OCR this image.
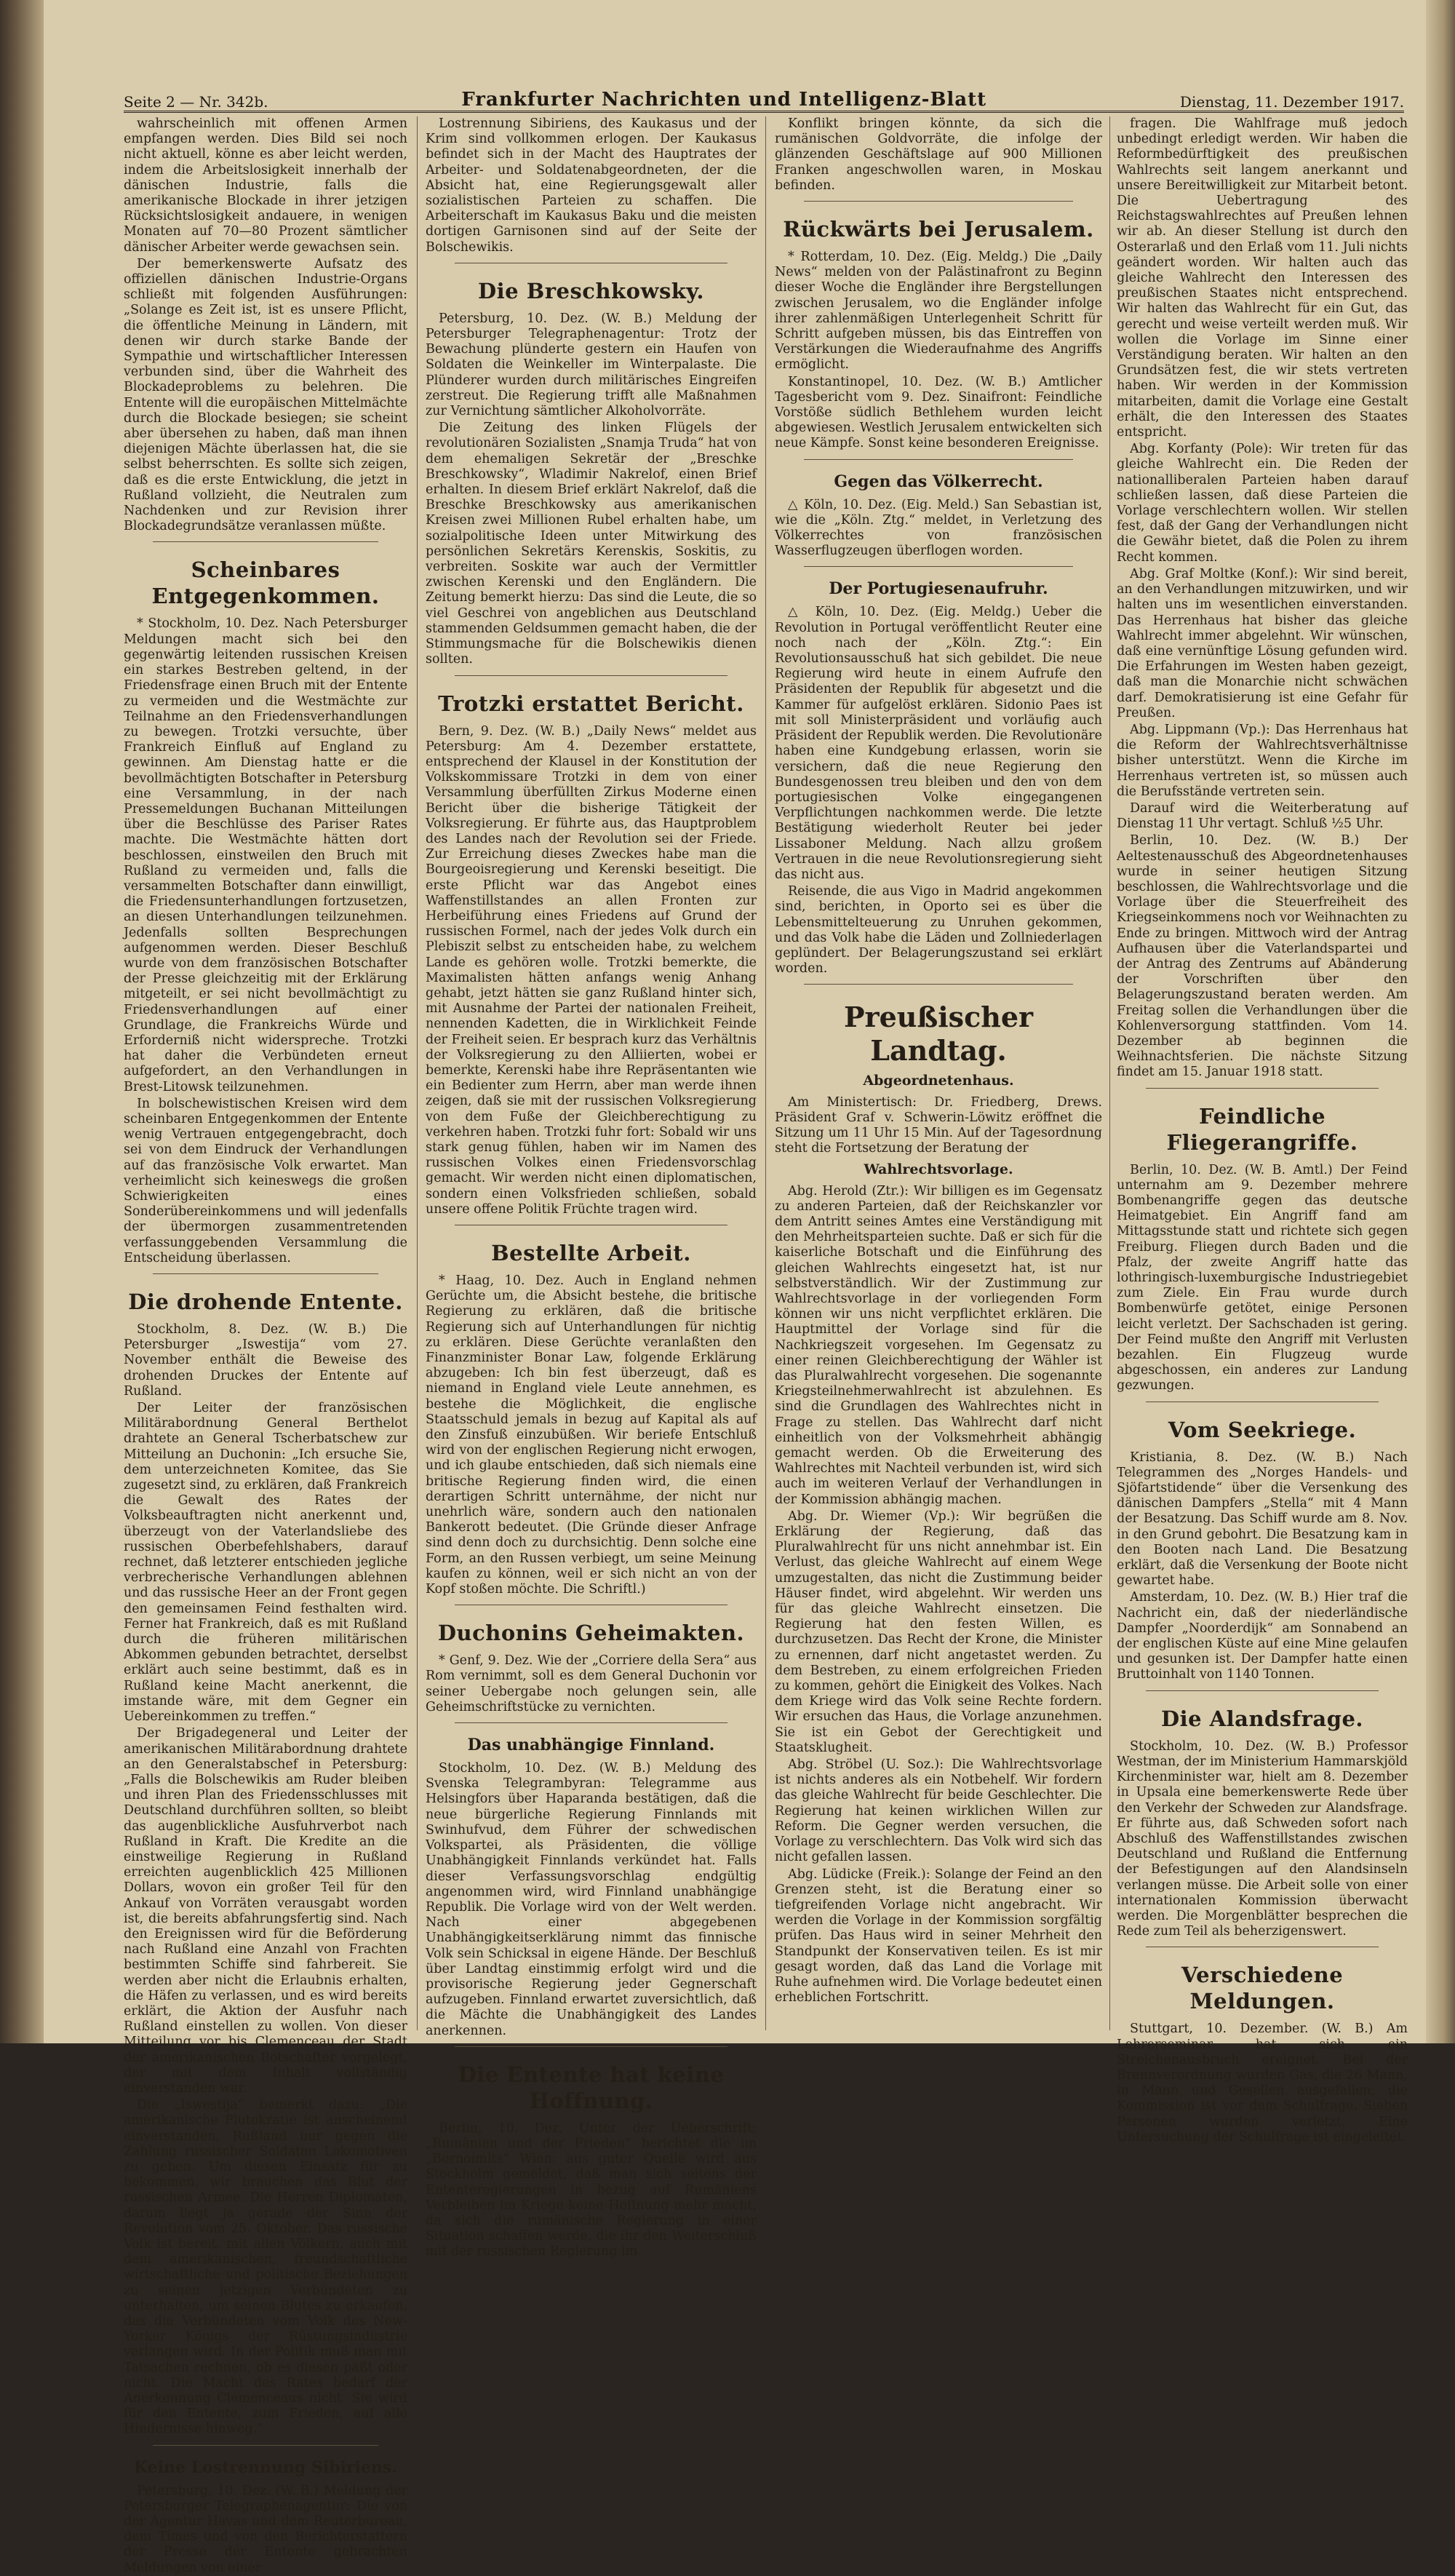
Seite 2 — Nr. 342b.	Frankfurter Nachrichten und Intelligenz-Blatt	Dienstag, 11. Dezember 1917.

wahrscheinlich mit offenen Armen empfangen werden. Dies Bild sei noch nicht aktuell, könne es aber leicht werden, indem die Arbeitslosigkeit innerhalb der dänischen Industrie, falls die amerikanische Blockade in ihrer jetzigen Rücksichtslosigkeit andauere, in wenigen Monaten auf 70—80 Prozent sämtlicher dänischer Arbeiter werde gewachsen sein.

Der bemerkenswerte Aufsatz des offiziellen dänischen Industrie-Organs schließt mit folgenden Ausführungen: „Solange es Zeit ist, ist es unsere Pflicht, die öffentliche Meinung in Ländern, mit denen wir durch starke Bande der Sympathie und wirtschaftlicher Interessen verbunden sind, über die Wahrheit des Blockadeproblems zu belehren. Die Entente will die europäischen Mittelmächte durch die Blockade besiegen; sie scheint aber übersehen zu haben, daß man ihnen diejenigen Mächte überlassen hat, die sie selbst beherrschten. Es sollte sich zeigen, daß es die erste Entwicklung, die jetzt in Rußland vollzieht, die Neutralen zum Nachdenken und zur Revision ihrer Blockadegrundsätze veranlassen müßte.

Scheinbares Entgegenkommen.

* Stockholm, 10. Dez. Nach Petersburger Meldungen macht sich bei den gegenwärtig leitenden russischen Kreisen ein starkes Bestreben geltend, in der Friedensfrage einen Bruch mit der Entente zu vermeiden und die Westmächte zur Teilnahme an den Friedensverhandlungen zu bewegen. Trotzki versuchte, über Frankreich Einfluß auf England zu gewinnen. Am Dienstag hatte er die bevollmächtigten Botschafter in Petersburg eine Versammlung, in der nach Pressemeldungen Buchanan Mitteilungen über die Beschlüsse des Pariser Rates machte. Die Westmächte hätten dort beschlossen, einstweilen den Bruch mit Rußland zu vermeiden und, falls die versammelten Botschafter dann einwilligt, die Friedensunterhandlungen fortzusetzen, an diesen Unterhandlungen teilzunehmen. Jedenfalls sollten Besprechungen aufgenommen werden. Dieser Beschluß wurde von dem französischen Botschafter der Presse gleichzeitig mit der Erklärung mitgeteilt, er sei nicht bevollmächtigt zu Friedensverhandlungen auf einer Grundlage, die Frankreichs Würde und Erforderniß nicht widerspreche. Trotzki hat daher die Verbündeten erneut aufgefordert, an den Verhandlungen in Brest-Litowsk teilzunehmen.

In bolschewistischen Kreisen wird dem scheinbaren Entgegenkommen der Entente wenig Vertrauen entgegengebracht, doch sei von dem Eindruck der Verhandlungen auf das französische Volk erwartet. Man verheimlicht sich keineswegs die großen Schwierigkeiten eines Sonderübereinkommens und will jedenfalls der übermorgen zusammentretenden verfassunggebenden Versammlung die Entscheidung überlassen.

Die drohende Entente.

Stockholm, 8. Dez. (W. B.) Die Petersburger „Iswestija“ vom 27. November enthält die Beweise des drohenden Druckes der Entente auf Rußland.

Der Leiter der französischen Militärabordnung General Berthelot drahtete an General Tscherbatschew zur Mitteilung an Duchonin: „Ich ersuche Sie, dem unterzeichneten Komitee, das Sie zugesetzt sind, zu erklären, daß Frankreich die Gewalt des Rates der Volksbeauftragten nicht anerkennt und, überzeugt von der Vaterlandsliebe des russischen Oberbefehlshabers, darauf rechnet, daß letzterer entschieden jegliche verbrecherische Verhandlungen ablehnen und das russische Heer an der Front gegen den gemeinsamen Feind festhalten wird. Ferner hat Frankreich, daß es mit Rußland durch die früheren militärischen Abkommen gebunden betrachtet, derselbst erklärt auch seine bestimmt, daß es in Rußland keine Macht anerkennt, die imstande wäre, mit dem Gegner ein Uebereinkommen zu treffen.“

Der Brigadegeneral und Leiter der amerikanischen Militärabordnung drahtete an den Generalstabschef in Petersburg: „Falls die Bolschewikis am Ruder bleiben und ihren Plan des Friedensschlusses mit Deutschland durchführen sollten, so bleibt das augenblickliche Ausfuhrverbot nach Rußland in Kraft. Die Kredite an die einstweilige Regierung in Rußland erreichten augenblicklich 425 Millionen Dollars, wovon ein großer Teil für den Ankauf von Vorräten verausgabt worden ist, die bereits abfahrungsfertig sind. Nach den Ereignissen wird für die Beförderung nach Rußland eine Anzahl von Frachten bestimmten Schiffe sind fahrbereit. Sie werden aber nicht die Erlaubnis erhalten, die Häfen zu verlassen, und es wird bereits erklärt, die Aktion der Ausfuhr nach Rußland einstellen zu wollen. Von dieser Mitteilung vor bis Clemenceau der Stadt der amerikanischen Botschafter vorgelegt, der mit dem Inhalt vollständig einverstanden war.

Die „Iswestija“ bemerkt dazu: „Die amerikanische Plutokratie ist anscheinend einverstanden, Rußland nur gegen die Zahlung russischer Soldaten Lokomotiven zu geben. Um diesen Einsatz für zu bekommen, wir brauchen das Blut der russischen Armee. Die Herren Diplomaten, darum liegt ja gerade der Sinn der Revolution vom 25. Oktober. Das russische Volk ist bereit, mit allen Völkern, auch mit dem amerikanischen, freundschaftliche wirtschaftliche und politische Beziehungen zu seinen jetzigen Verbündeten zu unterhalten, um seinen Blutes zu erkaufen, das die Verbündeten vom Volk des New-Yorker Königs der Rüstungsindustrie verlangen wird. In der Politik muß man mit Tatsachen rechnen, ob es diesen paßt oder nicht. Die Macht des Rates bedarf der Anerkennung Clemenceaus nicht. Sie wird für den Entente, zum Frieden, auf alle Hindernisse hinweg.“

Keine Lostrennung Sibiriens.

Petersburg, 10. Dez. (W. B.) Meldung der Petersburger Telegraphenagentur: Die von der Agentur Havas und dem Reuterbureau, dem Times und von den Berichterstattern der Presse der Entente gebrachten Meldungen von einer

Lostrennung Sibiriens, des Kaukasus und der Krim sind vollkommen erlogen. Der Kaukasus befindet sich in der Macht des Hauptrates der Arbeiter- und Soldatenabgeordneten, der die Absicht hat, eine Regierungsgewalt aller sozialistischen Parteien zu schaffen. Die Arbeiterschaft im Kaukasus Baku und die meisten dortigen Garnisonen sind auf der Seite der Bolschewikis.

Die Breschkowsky.

Petersburg, 10. Dez. (W. B.) Meldung der Petersburger Telegraphenagentur: Trotz der Bewachung plünderte gestern ein Haufen von Soldaten die Weinkeller im Winterpalaste. Die Plünderer wurden durch militärisches Eingreifen zerstreut. Die Regierung trifft alle Maßnahmen zur Vernichtung sämtlicher Alkoholvorräte.

Die Zeitung des linken Flügels der revolutionären Sozialisten „Snamja Truda“ hat von dem ehemaligen Sekretär der „Breschke Breschkowsky“, Wladimir Nakrelof, einen Brief erhalten. In diesem Brief erklärt Nakrelof, daß die Breschke Breschkowsky aus amerikanischen Kreisen zwei Millionen Rubel erhalten habe, um sozialpolitische Ideen unter Mitwirkung des persönlichen Sekretärs Kerenskis, Soskitis, zu verbreiten. Soskite war auch der Vermittler zwischen Kerenski und den Engländern. Die Zeitung bemerkt hierzu: Das sind die Leute, die so viel Geschrei von angeblichen aus Deutschland stammenden Geldsummen gemacht haben, die der Stimmungsmache für die Bolschewikis dienen sollten.

Trotzki erstattet Bericht.

Bern, 9. Dez. (W. B.) „Daily News“ meldet aus Petersburg: Am 4. Dezember erstattete, entsprechend der Klausel in der Konstitution der Volkskommissare Trotzki in dem von einer Versammlung überfüllten Zirkus Moderne einen Bericht über die bisherige Tätigkeit der Volksregierung. Er führte aus, das Hauptproblem des Landes nach der Revolution sei der Friede. Zur Erreichung dieses Zweckes habe man die Bourgeoisregierung und Kerenski beseitigt. Die erste Pflicht war das Angebot eines Waffenstillstandes an allen Fronten zur Herbeiführung eines Friedens auf Grund der russischen Formel, nach der jedes Volk durch ein Plebiszit selbst zu entscheiden habe, zu welchem Lande es gehören wolle. Trotzki bemerkte, die Maximalisten hätten anfangs wenig Anhang gehabt, jetzt hätten sie ganz Rußland hinter sich, mit Ausnahme der Partei der nationalen Freiheit, nennenden Kadetten, die in Wirklichkeit Feinde der Freiheit seien. Er besprach kurz das Verhältnis der Volksregierung zu den Alliierten, wobei er bemerkte, Kerenski habe ihre Repräsentanten wie ein Bedienter zum Herrn, aber man werde ihnen zeigen, daß sie mit der russischen Volksregierung von dem Fuße der Gleichberechtigung zu verkehren haben. Trotzki fuhr fort: Sobald wir uns stark genug fühlen, haben wir im Namen des russischen Volkes einen Friedensvorschlag gemacht. Wir werden nicht einen diplomatischen, sondern einen Volksfrieden schließen, sobald unsere offene Politik Früchte tragen wird.

Bestellte Arbeit.

* Haag, 10. Dez. Auch in England nehmen Gerüchte um, die Absicht bestehe, die britische Regierung zu erklären, daß die britische Regierung sich auf Unterhandlungen für nichtig zu erklären. Diese Gerüchte veranlaßten den Finanzminister Bonar Law, folgende Erklärung abzugeben: Ich bin fest überzeugt, daß es niemand in England viele Leute annehmen, es bestehe die Möglichkeit, die englische Staatsschuld jemals in bezug auf Kapital als auf den Zinsfuß einzubüßen. Wir beriefe Entschluß wird von der englischen Regierung nicht erwogen, und ich glaube entschieden, daß sich niemals eine britische Regierung finden wird, die einen derartigen Schritt unternähme, der nicht nur unehrlich wäre, sondern auch den nationalen Bankerott bedeutet. (Die Gründe dieser Anfrage sind denn doch zu durchsichtig. Denn solche eine Form, an den Russen verbiegt, um seine Meinung kaufen zu können, weil er sich nicht an von der Kopf stoßen möchte. Die Schriftl.)

Duchonins Geheimakten.

* Genf, 9. Dez. Wie der „Corriere della Sera“ aus Rom vernimmt, soll es dem General Duchonin vor seiner Uebergabe noch gelungen sein, alle Geheimschriftstücke zu vernichten.

Das unabhängige Finnland.

Stockholm, 10. Dez. (W. B.) Meldung des Svenska Telegrambyran: Telegramme aus Helsingfors über Haparanda bestätigen, daß die neue bürgerliche Regierung Finnlands mit Swinhufvud, dem Führer der schwedischen Volkspartei, als Präsidenten, die völlige Unabhängigkeit Finnlands verkündet hat. Falls dieser Verfassungsvorschlag endgültig angenommen wird, wird Finnland unabhängige Republik. Die Vorlage wird von der Welt werden. Nach einer abgegebenen Unabhängigkeitserklärung nimmt das finnische Volk sein Schicksal in eigene Hände. Der Beschluß über Landtag einstimmig erfolgt wird und die provisorische Regierung jeder Gegnerschaft aufzugeben. Finnland erwartet zuversichtlich, daß die Mächte die Unabhängigkeit des Landes anerkennen.

Die Entente hat keine Hoffnung.

Berlin, 10. Dez. Unter der Ueberschrift: „Rumänien und der Frieden“ berichtet die im „Bornoimits“ Wien: aus guter Quelle wird aus Stockholm gemeldet, daß man sich seitens der Ententeregierungen in bezug auf Rumäniens Verbleiben im Kriege keine Hoffnung mehr macht, da sich die rumänische Regierung in einer Situation schaffen werde, die ihr den Weiterschluß mit der russischen Regierung im

Konflikt bringen könnte, da sich die rumänischen Goldvorräte, die infolge der glänzenden Geschäftslage auf 900 Millionen Franken angeschwollen waren, in Moskau befinden.

Rückwärts bei Jerusalem.

* Rotterdam, 10. Dez. (Eig. Meldg.) Die „Daily News“ melden von der Palästinafront zu Beginn dieser Woche die Engländer ihre Bergstellungen zwischen Jerusalem, wo die Engländer infolge ihrer zahlenmäßigen Unterlegenheit Schritt für Schritt aufgeben müssen, bis das Eintreffen von Verstärkungen die Wiederaufnahme des Angriffs ermöglicht.

Konstantinopel, 10. Dez. (W. B.) Amtlicher Tagesbericht vom 9. Dez. Sinaifront: Feindliche Vorstöße südlich Bethlehem wurden leicht abgewiesen. Westlich Jerusalem entwickelten sich neue Kämpfe. Sonst keine besonderen Ereignisse.

Gegen das Völkerrecht.

△ Köln, 10. Dez. (Eig. Meld.) San Sebastian ist, wie die „Köln. Ztg.“ meldet, in Verletzung des Völkerrechtes von französischen Wasserflugzeugen überflogen worden.

Der Portugiesenaufruhr.

△ Köln, 10. Dez. (Eig. Meldg.) Ueber die Revolution in Portugal veröffentlicht Reuter eine noch nach der „Köln. Ztg.“: Ein Revolutionsausschuß hat sich gebildet. Die neue Regierung wird heute in einem Aufrufe den Präsidenten der Republik für abgesetzt und die Kammer für aufgelöst erklären. Sidonio Paes ist mit soll Ministerpräsident und vorläufig auch Präsident der Republik werden. Die Revolutionäre haben eine Kundgebung erlassen, worin sie versichern, daß die neue Regierung den Bundesgenossen treu bleiben und den von dem portugiesischen Volke eingegangenen Verpflichtungen nachkommen werde. Die letzte Bestätigung wiederholt Reuter bei jeder Lissaboner Meldung. Nach allzu großem Vertrauen in die neue Revolutionsregierung sieht das nicht aus.

Reisende, die aus Vigo in Madrid angekommen sind, berichten, in Oporto sei es über die Lebensmittelteuerung zu Unruhen gekommen, und das Volk habe die Läden und Zollniederlagen geplündert. Der Belagerungszustand sei erklärt worden.

Preußischer Landtag.
Abgeordnetenhaus.

Am Ministertisch: Dr. Friedberg, Drews. Präsident Graf v. Schwerin-Löwitz eröffnet die Sitzung um 11 Uhr 15 Min. Auf der Tagesordnung steht die Fortsetzung der Beratung der

Wahlrechtsvorlage.

Abg. Herold (Ztr.): Wir billigen es im Gegensatz zu anderen Parteien, daß der Reichskanzler vor dem Antritt seines Amtes eine Verständigung mit den Mehrheitsparteien suchte. Daß er sich für die kaiserliche Botschaft und die Einführung des gleichen Wahlrechts eingesetzt hat, ist nur selbstverständlich. Wir der Zustimmung zur Wahlrechtsvorlage in der vorliegenden Form können wir uns nicht verpflichtet erklären. Die Hauptmittel der Vorlage sind für die Nachkriegszeit vorgesehen. Im Gegensatz zu einer reinen Gleichberechtigung der Wähler ist das Pluralwahlrecht vorgesehen. Die sogenannte Kriegsteilnehmerwahlrecht ist abzulehnen. Es sind die Grundlagen des Wahlrechtes nicht in Frage zu stellen. Das Wahlrecht darf nicht einheitlich von der Volksmehrheit abhängig gemacht werden. Ob die Erweiterung des Wahlrechtes mit Nachteil verbunden ist, wird sich auch im weiteren Verlauf der Verhandlungen in der Kommission abhängig machen.

Abg. Dr. Wiemer (Vp.): Wir begrüßen die Erklärung der Regierung, daß das Pluralwahlrecht für uns nicht annehmbar ist. Ein Verlust, das gleiche Wahlrecht auf einem Wege umzugestalten, das nicht die Zustimmung beider Häuser findet, wird abgelehnt. Wir werden uns für das gleiche Wahlrecht einsetzen. Die Regierung hat den festen Willen, es durchzusetzen. Das Recht der Krone, die Minister zu ernennen, darf nicht angetastet werden. Zu dem Bestreben, zu einem erfolgreichen Frieden zu kommen, gehört die Einigkeit des Volkes. Nach dem Kriege wird das Volk seine Rechte fordern. Wir ersuchen das Haus, die Vorlage anzunehmen. Sie ist ein Gebot der Gerechtigkeit und Staatsklugheit.

Abg. Ströbel (U. Soz.): Die Wahlrechtsvorlage ist nichts anderes als ein Notbehelf. Wir fordern das gleiche Wahlrecht für beide Geschlechter. Die Regierung hat keinen wirklichen Willen zur Reform. Die Gegner werden versuchen, die Vorlage zu verschlechtern. Das Volk wird sich das nicht gefallen lassen.

Abg. Lüdicke (Freik.): Solange der Feind an den Grenzen steht, ist die Beratung einer so tiefgreifenden Vorlage nicht angebracht. Wir werden die Vorlage in der Kommission sorgfältig prüfen. Das Haus wird in seiner Mehrheit den Standpunkt der Konservativen teilen. Es ist mir gesagt worden, daß das Land die Vorlage mit Ruhe aufnehmen wird. Die Vorlage bedeutet einen erheblichen Fortschritt.

fragen. Die Wahlfrage muß jedoch unbedingt erledigt werden. Wir haben die Reformbedürftigkeit des preußischen Wahlrechts seit langem anerkannt und unsere Bereitwilligkeit zur Mitarbeit betont. Die Uebertragung des Reichstagswahlrechtes auf Preußen lehnen wir ab. An dieser Stellung ist durch den Osterarlaß und den Erlaß vom 11. Juli nichts geändert worden. Wir halten auch das gleiche Wahlrecht den Interessen des preußischen Staates nicht entsprechend. Wir halten das Wahlrecht für ein Gut, das gerecht und weise verteilt werden muß. Wir wollen die Vorlage im Sinne einer Verständigung beraten. Wir halten an den Grundsätzen fest, die wir stets vertreten haben. Wir werden in der Kommission mitarbeiten, damit die Vorlage eine Gestalt erhält, die den Interessen des Staates entspricht.

Abg. Korfanty (Pole): Wir treten für das gleiche Wahlrecht ein. Die Reden der nationalliberalen Parteien haben darauf schließen lassen, daß diese Parteien die Vorlage verschlechtern wollen. Wir stellen fest, daß der Gang der Verhandlungen nicht die Gewähr bietet, daß die Polen zu ihrem Recht kommen.

Abg. Graf Moltke (Konf.): Wir sind bereit, an den Verhandlungen mitzuwirken, und wir halten uns im wesentlichen einverstanden. Das Herrenhaus hat bisher das gleiche Wahlrecht immer abgelehnt. Wir wünschen, daß eine vernünftige Lösung gefunden wird. Die Erfahrungen im Westen haben gezeigt, daß man die Monarchie nicht schwächen darf. Demokratisierung ist eine Gefahr für Preußen.

Abg. Lippmann (Vp.): Das Herrenhaus hat die Reform der Wahlrechtsverhältnisse bisher unterstützt. Wenn die Kirche im Herrenhaus vertreten ist, so müssen auch die Berufsstände vertreten sein.

Darauf wird die Weiterberatung auf Dienstag 11 Uhr vertagt. Schluß ½5 Uhr.

Berlin, 10. Dez. (W. B.) Der Aeltestenausschuß des Abgeordnetenhauses wurde in seiner heutigen Sitzung beschlossen, die Wahlrechtsvorlage und die Vorlage über die Steuerfreiheit des Kriegseinkommens noch vor Weihnachten zu Ende zu bringen. Mittwoch wird der Antrag Aufhausen über die Vaterlandspartei und der Antrag des Zentrums auf Abänderung der Vorschriften über den Belagerungszustand beraten werden. Am Freitag sollen die Verhandlungen über die Kohlenversorgung stattfinden. Vom 14. Dezember ab beginnen die Weihnachtsferien. Die nächste Sitzung findet am 15. Januar 1918 statt.

Feindliche Fliegerangriffe.

Berlin, 10. Dez. (W. B. Amtl.) Der Feind unternahm am 9. Dezember mehrere Bombenangriffe gegen das deutsche Heimatgebiet. Ein Angriff fand am Mittagsstunde statt und richtete sich gegen Freiburg. Fliegen durch Baden und die Pfalz, der zweite Angriff hatte das lothringisch-luxemburgische Industriegebiet zum Ziele. Ein Frau wurde durch Bombenwürfe getötet, einige Personen leicht verletzt. Der Sachschaden ist gering. Der Feind mußte den Angriff mit Verlusten bezahlen. Ein Flugzeug wurde abgeschossen, ein anderes zur Landung gezwungen.

Vom Seekriege.

Kristiania, 8. Dez. (W. B.) Nach Telegrammen des „Norges Handels- und Sjöfartstidende“ über die Versenkung des dänischen Dampfers „Stella“ mit 4 Mann der Besatzung. Das Schiff wurde am 8. Nov. in den Grund gebohrt. Die Besatzung kam in den Booten nach Land. Die Besatzung erklärt, daß die Versenkung der Boote nicht gewartet habe.

Amsterdam, 10. Dez. (W. B.) Hier traf die Nachricht ein, daß der niederländische Dampfer „Noorderdijk“ am Sonnabend an der englischen Küste auf eine Mine gelaufen und gesunken ist. Der Dampfer hatte einen Bruttoinhalt von 1140 Tonnen.

Die Alandsfrage.

Stockholm, 10. Dez. (W. B.) Professor Westman, der im Ministerium Hammarskjöld Kirchenminister war, hielt am 8. Dezember in Upsala eine bemerkenswerte Rede über den Verkehr der Schweden zur Alandsfrage. Er führte aus, daß Schweden sofort nach Abschluß des Waffenstillstandes zwischen Deutschland und Rußland die Entfernung der Befestigungen auf den Alandsinseln verlangen müsse. Die Arbeit solle von einer internationalen Kommission überwacht werden. Die Morgenblätter besprechen die Rede zum Teil als beherzigenswert.

Verschiedene Meldungen.

Stuttgart, 10. Dezember. (W. B.) Am Lehrerseminar hat sich ein Streichenausbruch ereignet. Bei der Brennverordnung wurden Gas, die 26 Mann, in Mann und Gesellen ausgefallen, die Kommission ist vor dem Schulfrage. Sieben Personen wurden verletzt. Eine Untersuchung der Schulfrage ist eingeleitet.
